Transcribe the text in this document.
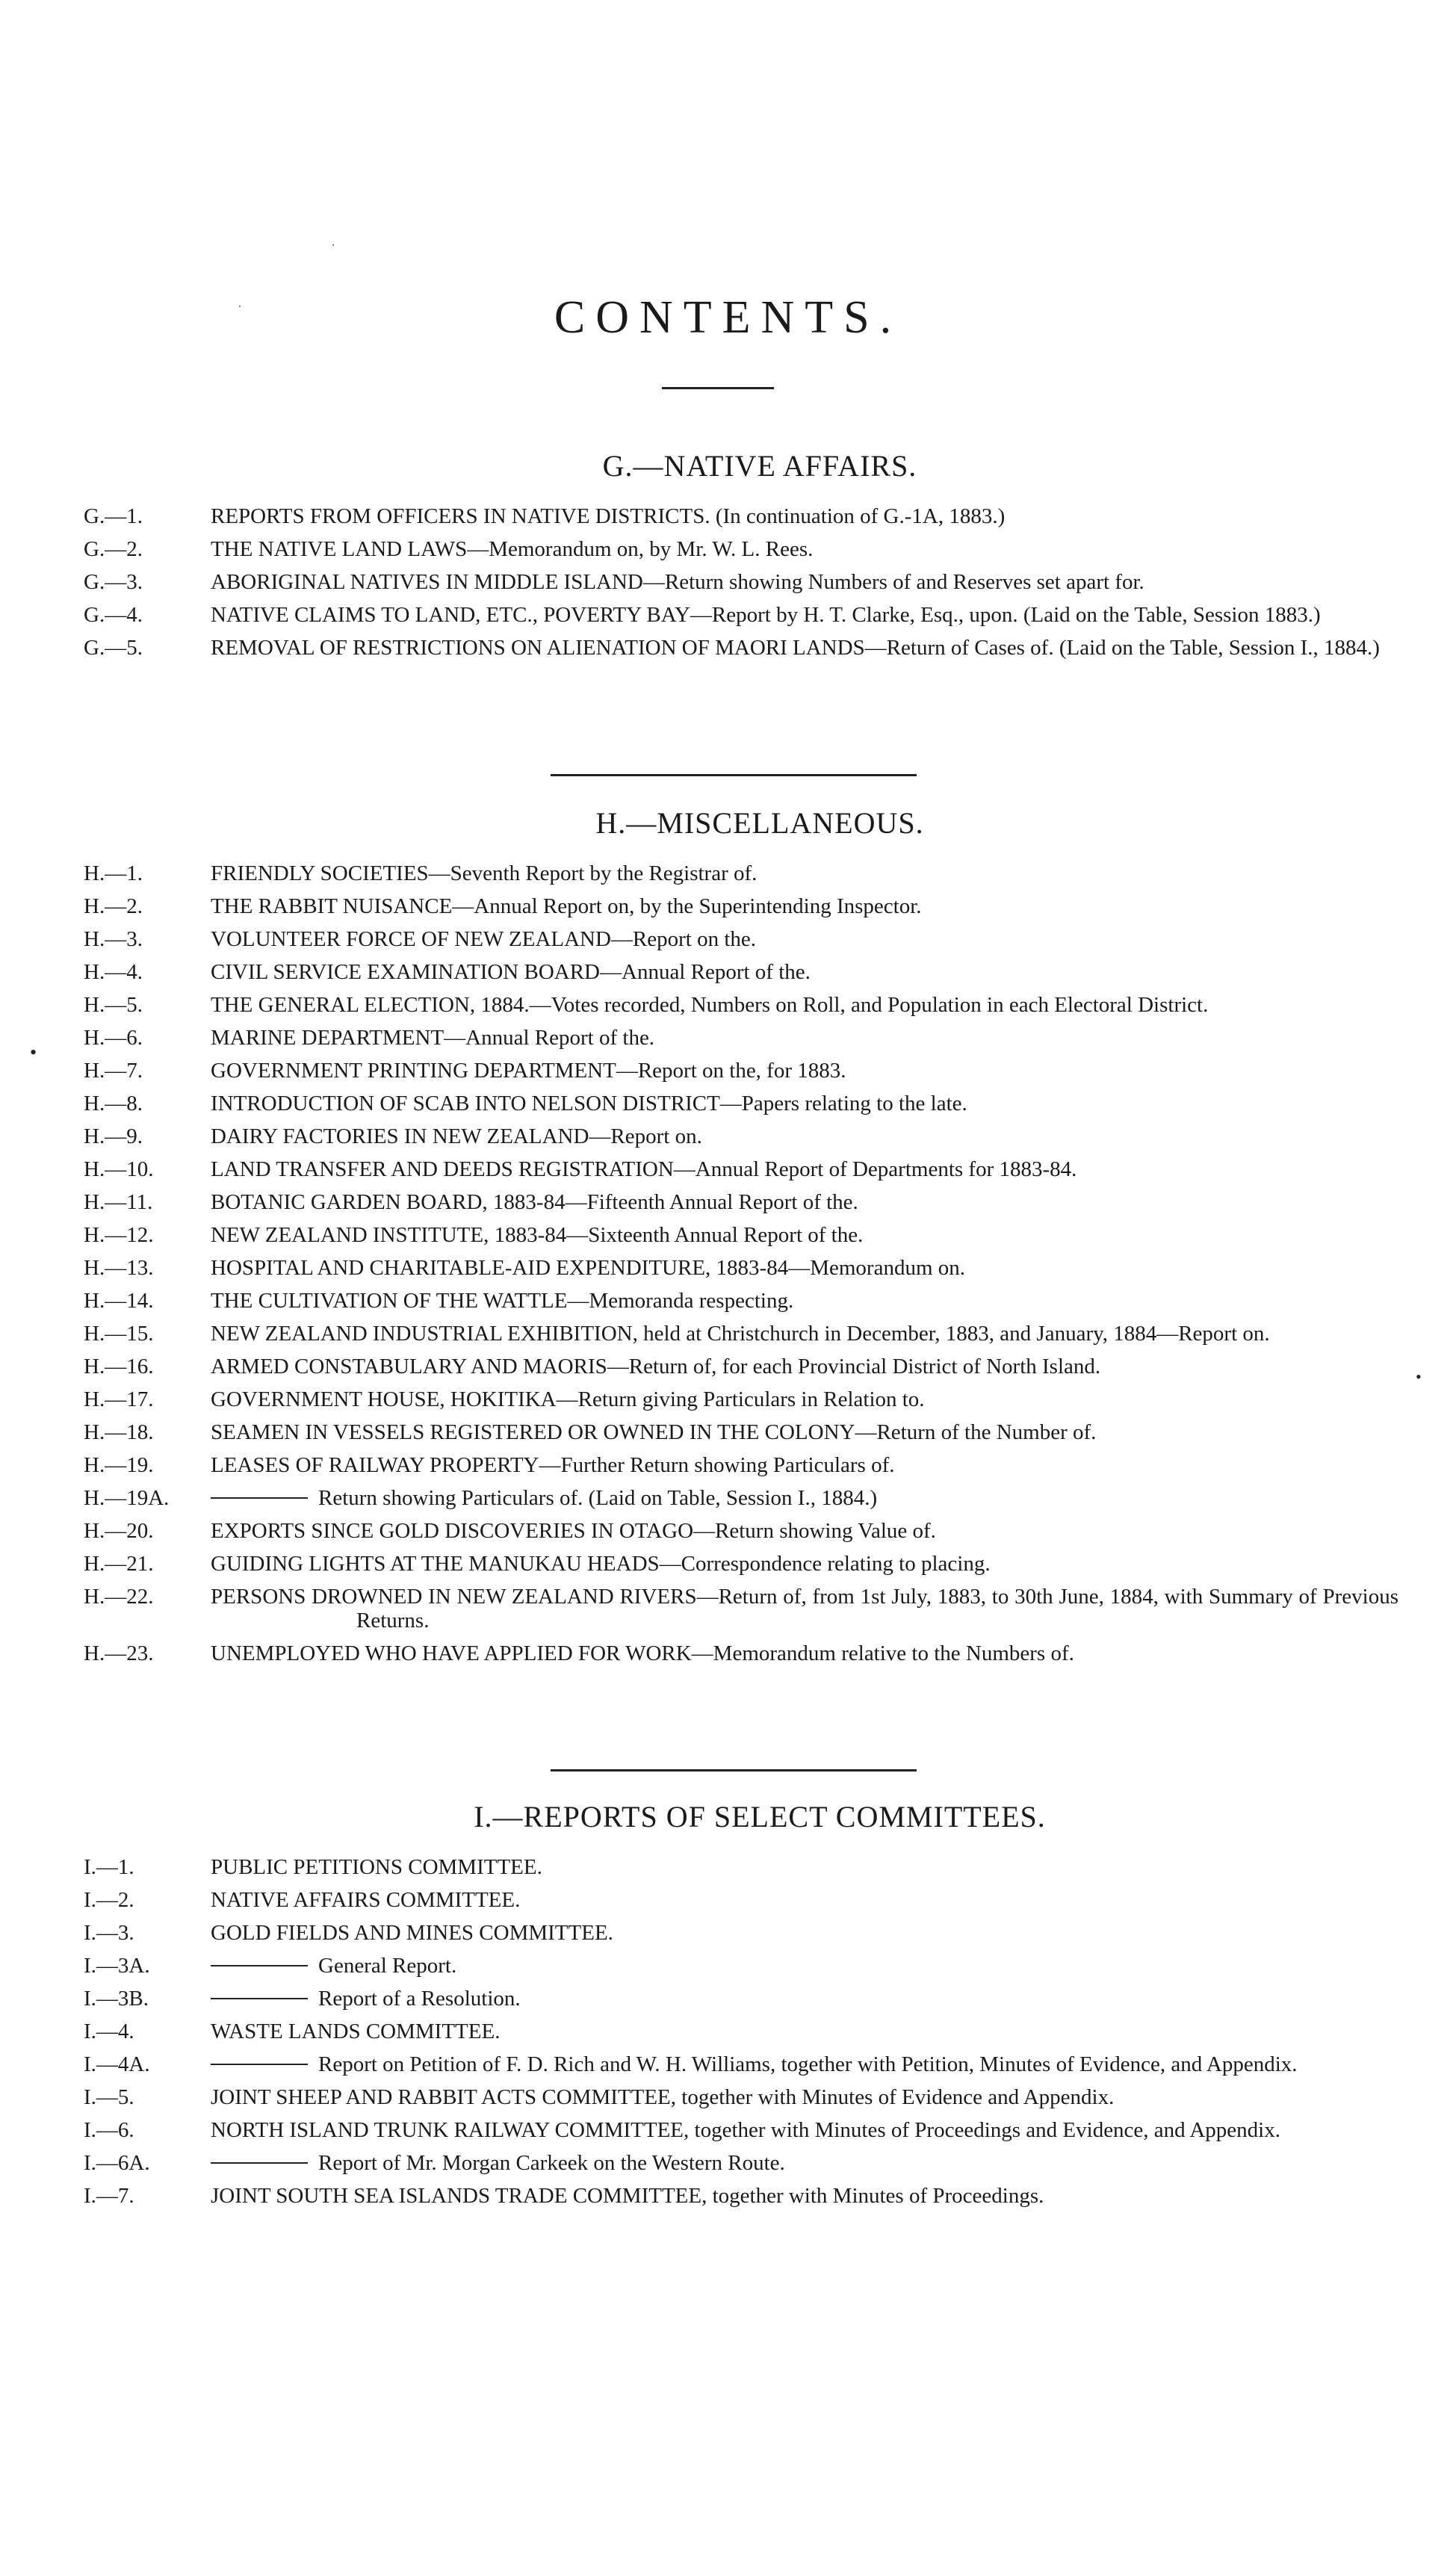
CONTENTS.
G.—NATIVE AFFAIRS.
G.—1.	REPORTS FROM OFFICERS IN NATIVE DISTRICTS. (In continuation of G.-1A, 1883.)
G.—2.	THE NATIVE LAND LAWS—Memorandum on, by Mr. W. L. Rees.
G.—3.	ABORIGINAL NATIVES IN MIDDLE ISLAND—Return showing Numbers of and Reserves set apart for.
G.—4.	NATIVE CLAIMS TO LAND, ETC., POVERTY BAY—Report by H. T. Clarke, Esq., upon. (Laid on the Table, Session 1883.)
G.—5.	REMOVAL OF RESTRICTIONS ON ALIENATION OF MAORI LANDS—Return of Cases of. (Laid on the Table, Session I., 1884.)
H.—MISCELLANEOUS.
H.—1.	FRIENDLY SOCIETIES—Seventh Report by the Registrar of.
H.—2.	THE RABBIT NUISANCE—Annual Report on, by the Superintending Inspector.
H.—3.	VOLUNTEER FORCE OF NEW ZEALAND—Report on the.
H.—4.	CIVIL SERVICE EXAMINATION BOARD—Annual Report of the.
H.—5.	THE GENERAL ELECTION, 1884.—Votes recorded, Numbers on Roll, and Population in each Electoral District.
H.—6.	MARINE DEPARTMENT—Annual Report of the.
H.—7.	GOVERNMENT PRINTING DEPARTMENT—Report on the, for 1883.
H.—8.	INTRODUCTION OF SCAB INTO NELSON DISTRICT—Papers relating to the late.
H.—9.	DAIRY FACTORIES IN NEW ZEALAND—Report on.
H.—10.	LAND TRANSFER AND DEEDS REGISTRATION—Annual Report of Departments for 1883-84.
H.—11.	BOTANIC GARDEN BOARD, 1883-84—Fifteenth Annual Report of the.
H.—12.	NEW ZEALAND INSTITUTE, 1883-84—Sixteenth Annual Report of the.
H.—13.	HOSPITAL AND CHARITABLE-AID EXPENDITURE, 1883-84—Memorandum on.
H.—14.	THE CULTIVATION OF THE WATTLE—Memoranda respecting.
H.—15.	NEW ZEALAND INDUSTRIAL EXHIBITION, held at Christchurch in December, 1883, and January, 1884—Report on.
H.—16.	ARMED CONSTABULARY AND MAORIS—Return of, for each Provincial District of North Island.
H.—17.	GOVERNMENT HOUSE, HOKITIKA—Return giving Particulars in Relation to.
H.—18.	SEAMEN IN VESSELS REGISTERED OR OWNED IN THE COLONY—Return of the Number of.
H.—19.	LEASES OF RAILWAY PROPERTY—Further Return showing Particulars of.
H.—19A.	Return showing Particulars of. (Laid on Table, Session I., 1884.)
H.—20.	EXPORTS SINCE GOLD DISCOVERIES IN OTAGO—Return showing Value of.
H.—21.	GUIDING LIGHTS AT THE MANUKAU HEADS—Correspondence relating to placing.
H.—22.	PERSONS DROWNED IN NEW ZEALAND RIVERS—Return of, from 1st July, 1883, to 30th June, 1884, with Summary of Previous Returns.
H.—23.	UNEMPLOYED WHO HAVE APPLIED FOR WORK—Memorandum relative to the Numbers of.
I.—REPORTS OF SELECT COMMITTEES.
I.—1.	PUBLIC PETITIONS COMMITTEE.
I.—2.	NATIVE AFFAIRS COMMITTEE.
I.—3.	GOLD FIELDS AND MINES COMMITTEE.
I.—3A.	General Report.
I.—3B.	Report of a Resolution.
I.—4.	WASTE LANDS COMMITTEE.
I.—4A.	Report on Petition of F. D. Rich and W. H. Williams, together with Petition, Minutes of Evidence, and Appendix.
I.—5.	JOINT SHEEP AND RABBIT ACTS COMMITTEE, together with Minutes of Evidence and Appendix.
I.—6.	NORTH ISLAND TRUNK RAILWAY COMMITTEE, together with Minutes of Proceedings and Evidence, and Appendix.
I.—6A.	Report of Mr. Morgan Carkeek on the Western Route.
I.—7.	JOINT SOUTH SEA ISLANDS TRADE COMMITTEE, together with Minutes of Proceedings.
·
·
•
•
